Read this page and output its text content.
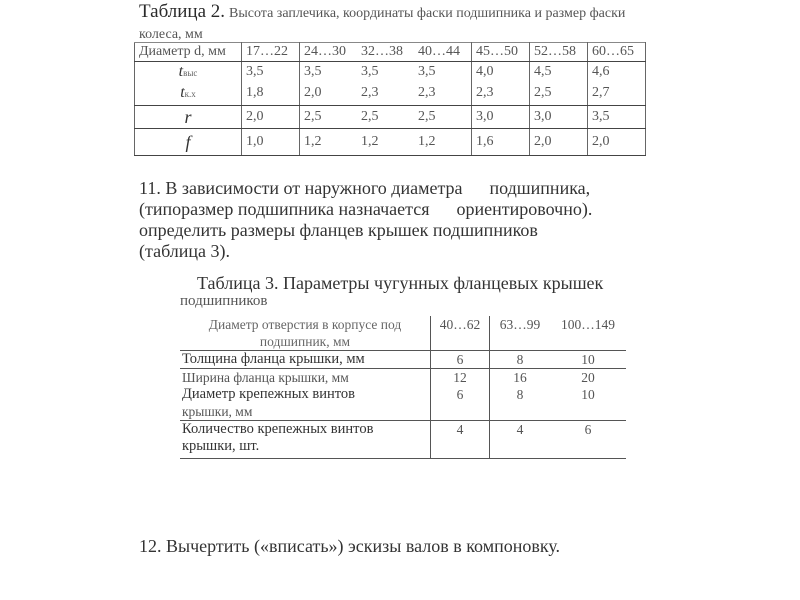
Таблица 2. Высота заплечика, координаты фаски подшипника и размер фаски колеса, мм
Диаметр d, мм	17…22	24…30	32…38	40…44	45…50	52…58	60…65
tвыс	3,5	3,5	3,5	3,5	4,0	4,5	4,6
tк.х	1,8	2,0	2,3	2,3	2,3	2,5	2,7
r	2,0	2,5	2,5	2,5	3,0	3,0	3,5
f	1,0	1,2	1,2	1,2	1,6	2,0	2,0
11. В зависимости от наружного диаметра      подшипника,
(типоразмер подшипника назначается      ориентировочно).
определить размеры фланцев крышек подшипников
(таблица 3).
Таблица 3. Параметры чугунных фланцевых крышек
подшипников
Диаметр отверстия в корпусе под
подшипник, мм	40…62	63…99	100…149
Толщина фланца крышки, мм	6	8	10
Ширина фланца крышки, мм	12	16	20

Диаметр крепежных винтов
крышки, мм	6	8	10

Количество крепежных винтов
крышки, шт.	4	4	6
12. Вычертить («вписать») эскизы валов в компоновку.
